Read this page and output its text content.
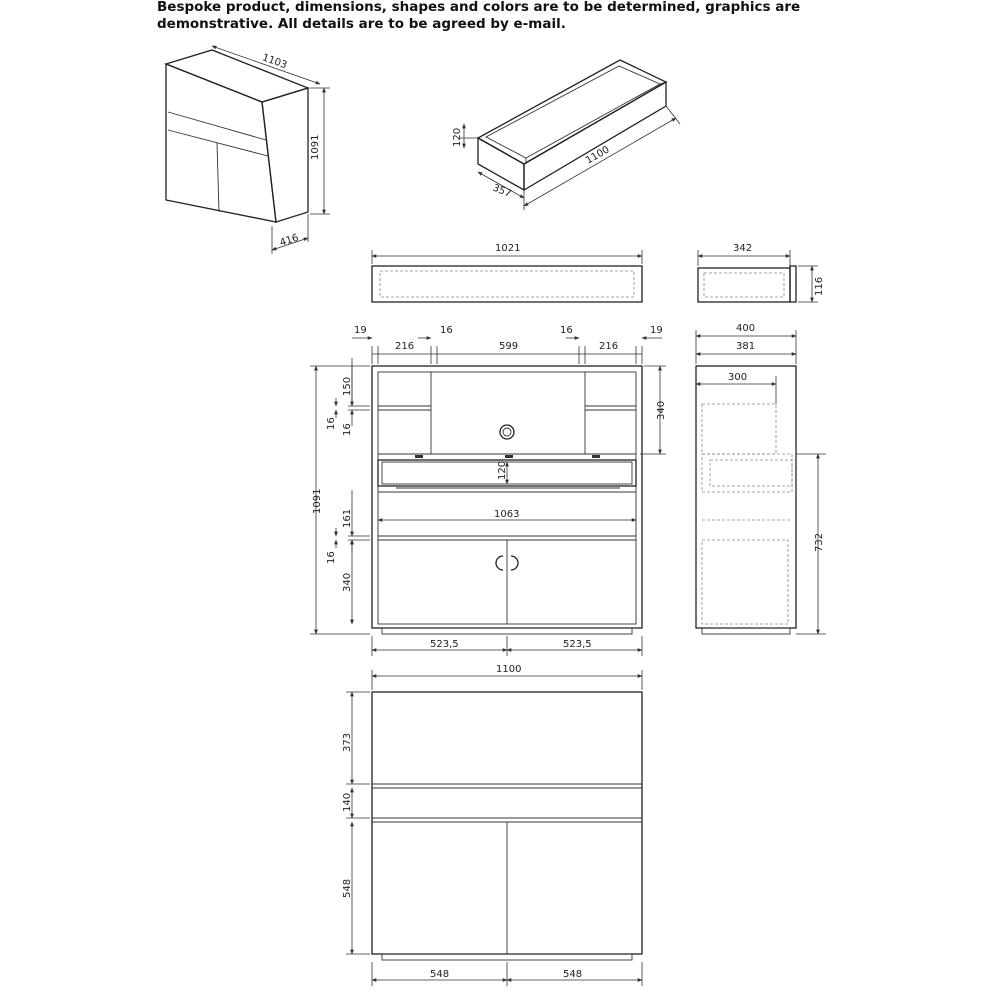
Bespoke product, dimensions, shapes and colors are to be determined, graphics are
demonstrative. All details are to be agreed by e-mail.
1103
1091
416
120
357
1100
1021	342
116
120
1063
19
216
16
599
16
216
19
340
1091
150
16 16
161
16
340
523,5	523,5
1100
400
381
300
732
373
140
548
548	548
